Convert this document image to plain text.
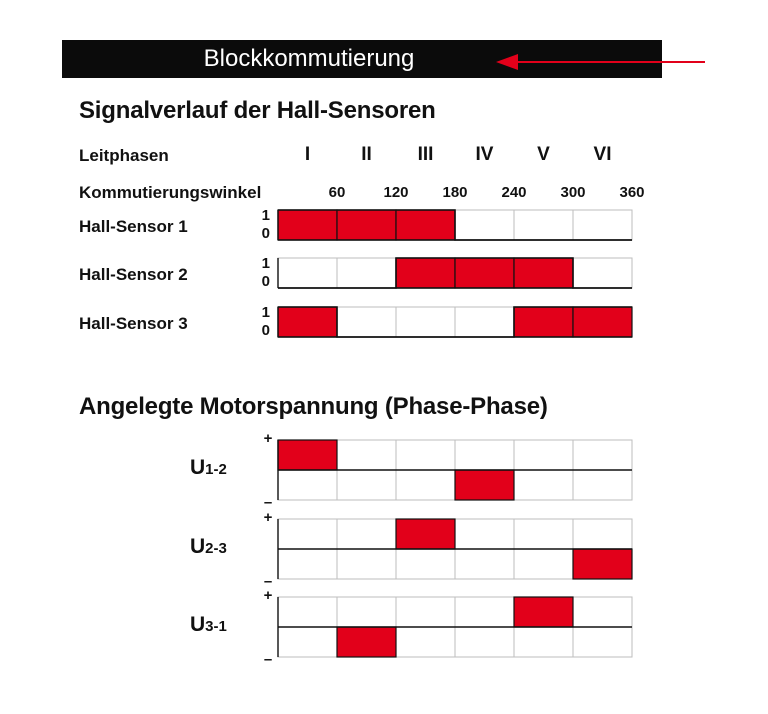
Blockkommutierung
Signalverlauf der Hall-Sensoren
Leitphasen	I	II	III	IV	V	VI
Kommutierungswinkel	60	120	180	240	300	360
Hall-Sensor 1
1
0
Hall-Sensor 2
1
0
Hall-Sensor 3
1
0
Angelegte Motorspannung (Phase-Phase)
U1-2
+
–
U2-3
+
–
U3-1
+
–
